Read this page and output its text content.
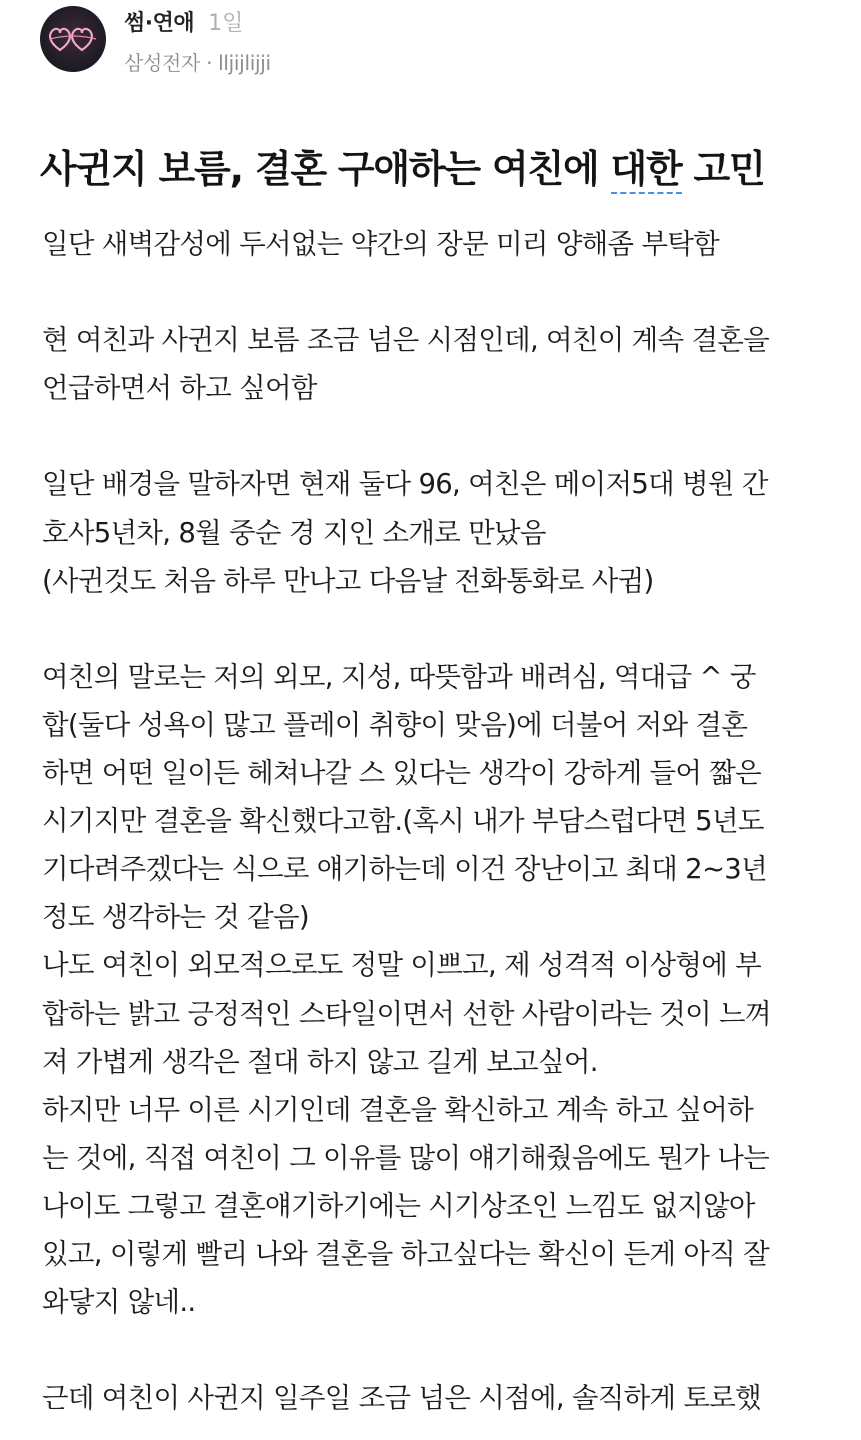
썸·연애 1일
삼성전자 · lljijlijji
사귄지 보름, 결혼 구애하는 여친에 대한 고민
일단 새벽감성에 두서없는 약간의 장문 미리 양해좀 부탁함
현 여친과 사귄지 보름 조금 넘은 시점인데, 여친이 계속 결혼을
언급하면서 하고 싶어함
일단 배경을 말하자면 현재 둘다 96, 여친은 메이저5대 병원 간
호사5년차, 8월 중순 경 지인 소개로 만났음
(사귄것도 처음 하루 만나고 다음날 전화통화로 사귐)
여친의 말로는 저의 외모, 지성, 따뜻함과 배려심, 역대급 ^ 궁
합(둘다 성욕이 많고 플레이 취향이 맞음)에 더불어 저와 결혼
하면 어떤 일이든 헤쳐나갈 스 있다는 생각이 강하게 들어 짧은
시기지만 결혼을 확신했다고함.(혹시 내가 부담스럽다면 5년도
기다려주겠다는 식으로 얘기하는데 이건 장난이고 최대 2~3년
정도 생각하는 것 같음)
나도 여친이 외모적으로도 정말 이쁘고, 제 성격적 이상형에 부
합하는 밝고 긍정적인 스타일이면서 선한 사람이라는 것이 느껴
져 가볍게 생각은 절대 하지 않고 길게 보고싶어.
하지만 너무 이른 시기인데 결혼을 확신하고 계속 하고 싶어하
는 것에, 직접 여친이 그 이유를 많이 얘기해줬음에도 뭔가 나는
나이도 그렇고 결혼얘기하기에는 시기상조인 느낌도 없지않아
있고, 이렇게 빨리 나와 결혼을 하고싶다는 확신이 든게 아직 잘
와닿지 않네..
근데 여친이 사귄지 일주일 조금 넘은 시점에, 솔직하게 토로했
